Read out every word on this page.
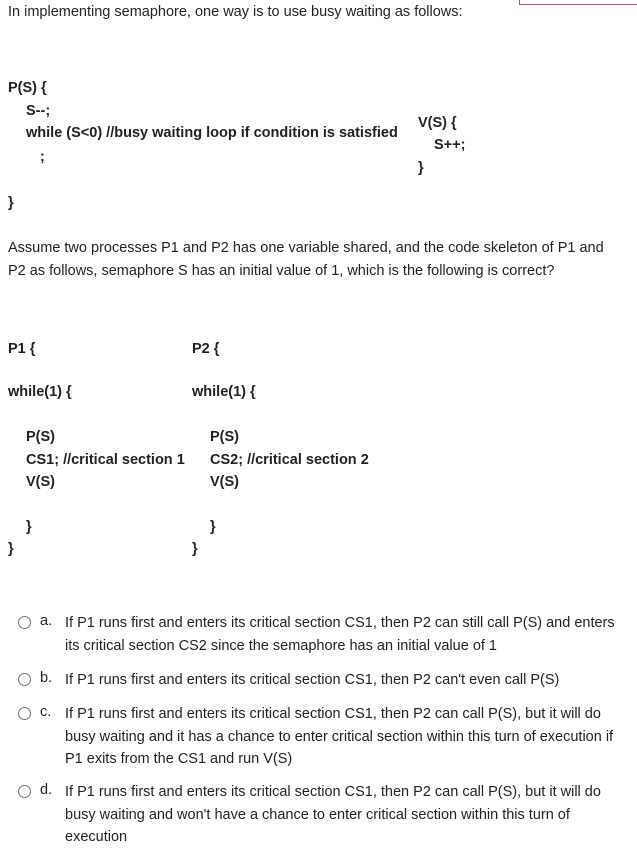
In implementing semaphore, one way is to use busy waiting as follows:
P(S) {
S--;
while (S<0) //busy waiting loop if condition is satisfied
;
}
V(S) {
S++;
}
Assume two processes P1 and P2 has one variable shared, and the code skeleton of P1 and P2 as follows, semaphore S has an initial value of 1, which is the following is correct?
P1 {
while(1) {
P(S)
CS1; //critical section 1
V(S)
}
}
P2 {
while(1) {
P(S)
CS2; //critical section 2
V(S)
}
}
a. If P1 runs first and enters its critical section CS1, then P2 can still call P(S) and enters its critical section CS2 since the semaphore has an initial value of 1
b. If P1 runs first and enters its critical section CS1, then P2 can't even call P(S)
c. If P1 runs first and enters its critical section CS1, then P2 can call P(S), but it will do busy waiting and it has a chance to enter critical section within this turn of execution if P1 exits from the CS1 and run V(S)
d. If P1 runs first and enters its critical section CS1, then P2 can call P(S), but it will do busy waiting and won't have a chance to enter critical section within this turn of execution
